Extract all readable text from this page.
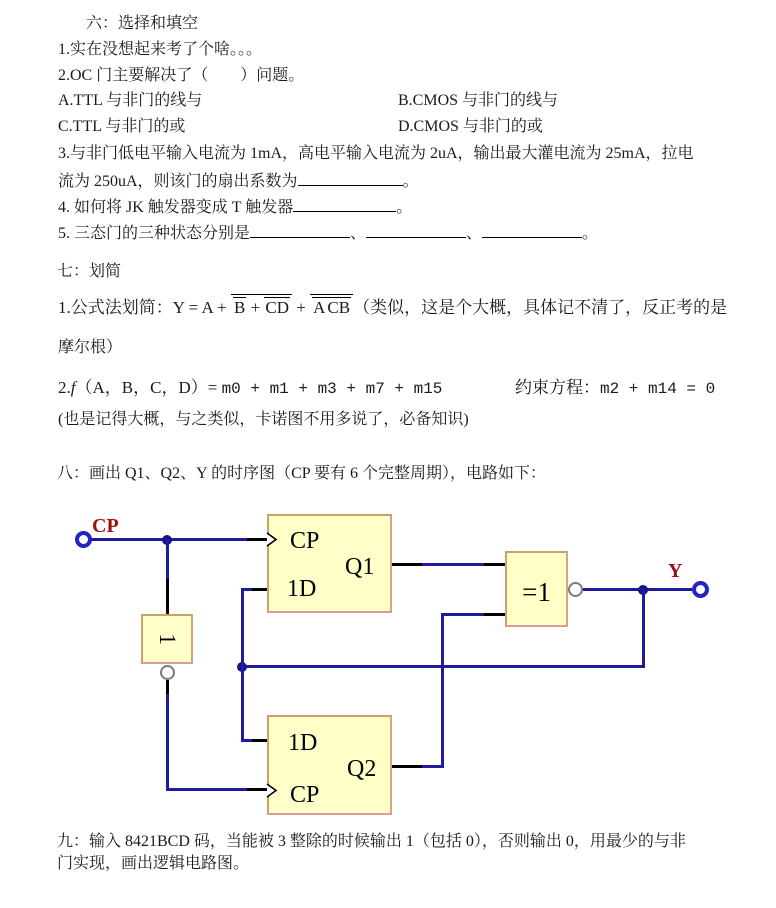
六：选择和填空
1.实在没想起来考了个啥。。。
2.OC 门主要解决了（　　）问题。
A.TTL 与非门的线与	B.CMOS 与非门的线与
C.TTL 与非门的或	D.CMOS 与非门的或
3.与非门低电平输入电流为 1mA，高电平输入电流为 2uA，输出最大灌电流为 25mA，拉电
流为 250uA，则该门的扇出系数为	。
4. 如何将 JK 触发器变成 T 触发器	。
5. 三态门的三种状态分别是	、	、	。
七：划简
1.公式法划简：Y = A + B + CD + A CB （类似，这是个大概，具体记不清了，反正考的是
摩尔根）
2.f（A，B，C，D）= m0 + m1 + m3 + m7 + m15	约束方程：m2 + m14 = 0
(也是记得大概，与之类似，卡诺图不用多说了，必备知识)
八：画出 Q1、Q2、Y 的时序图（CP 要有 6 个完整周期），电路如下：
CP
1
CP
Q1
1D
1D
Q2
CP
=1
Y
九：输入 8421BCD 码，当能被 3 整除的时候输出 1（包括 0），否则输出 0，用最少的与非
门实现，画出逻辑电路图。
